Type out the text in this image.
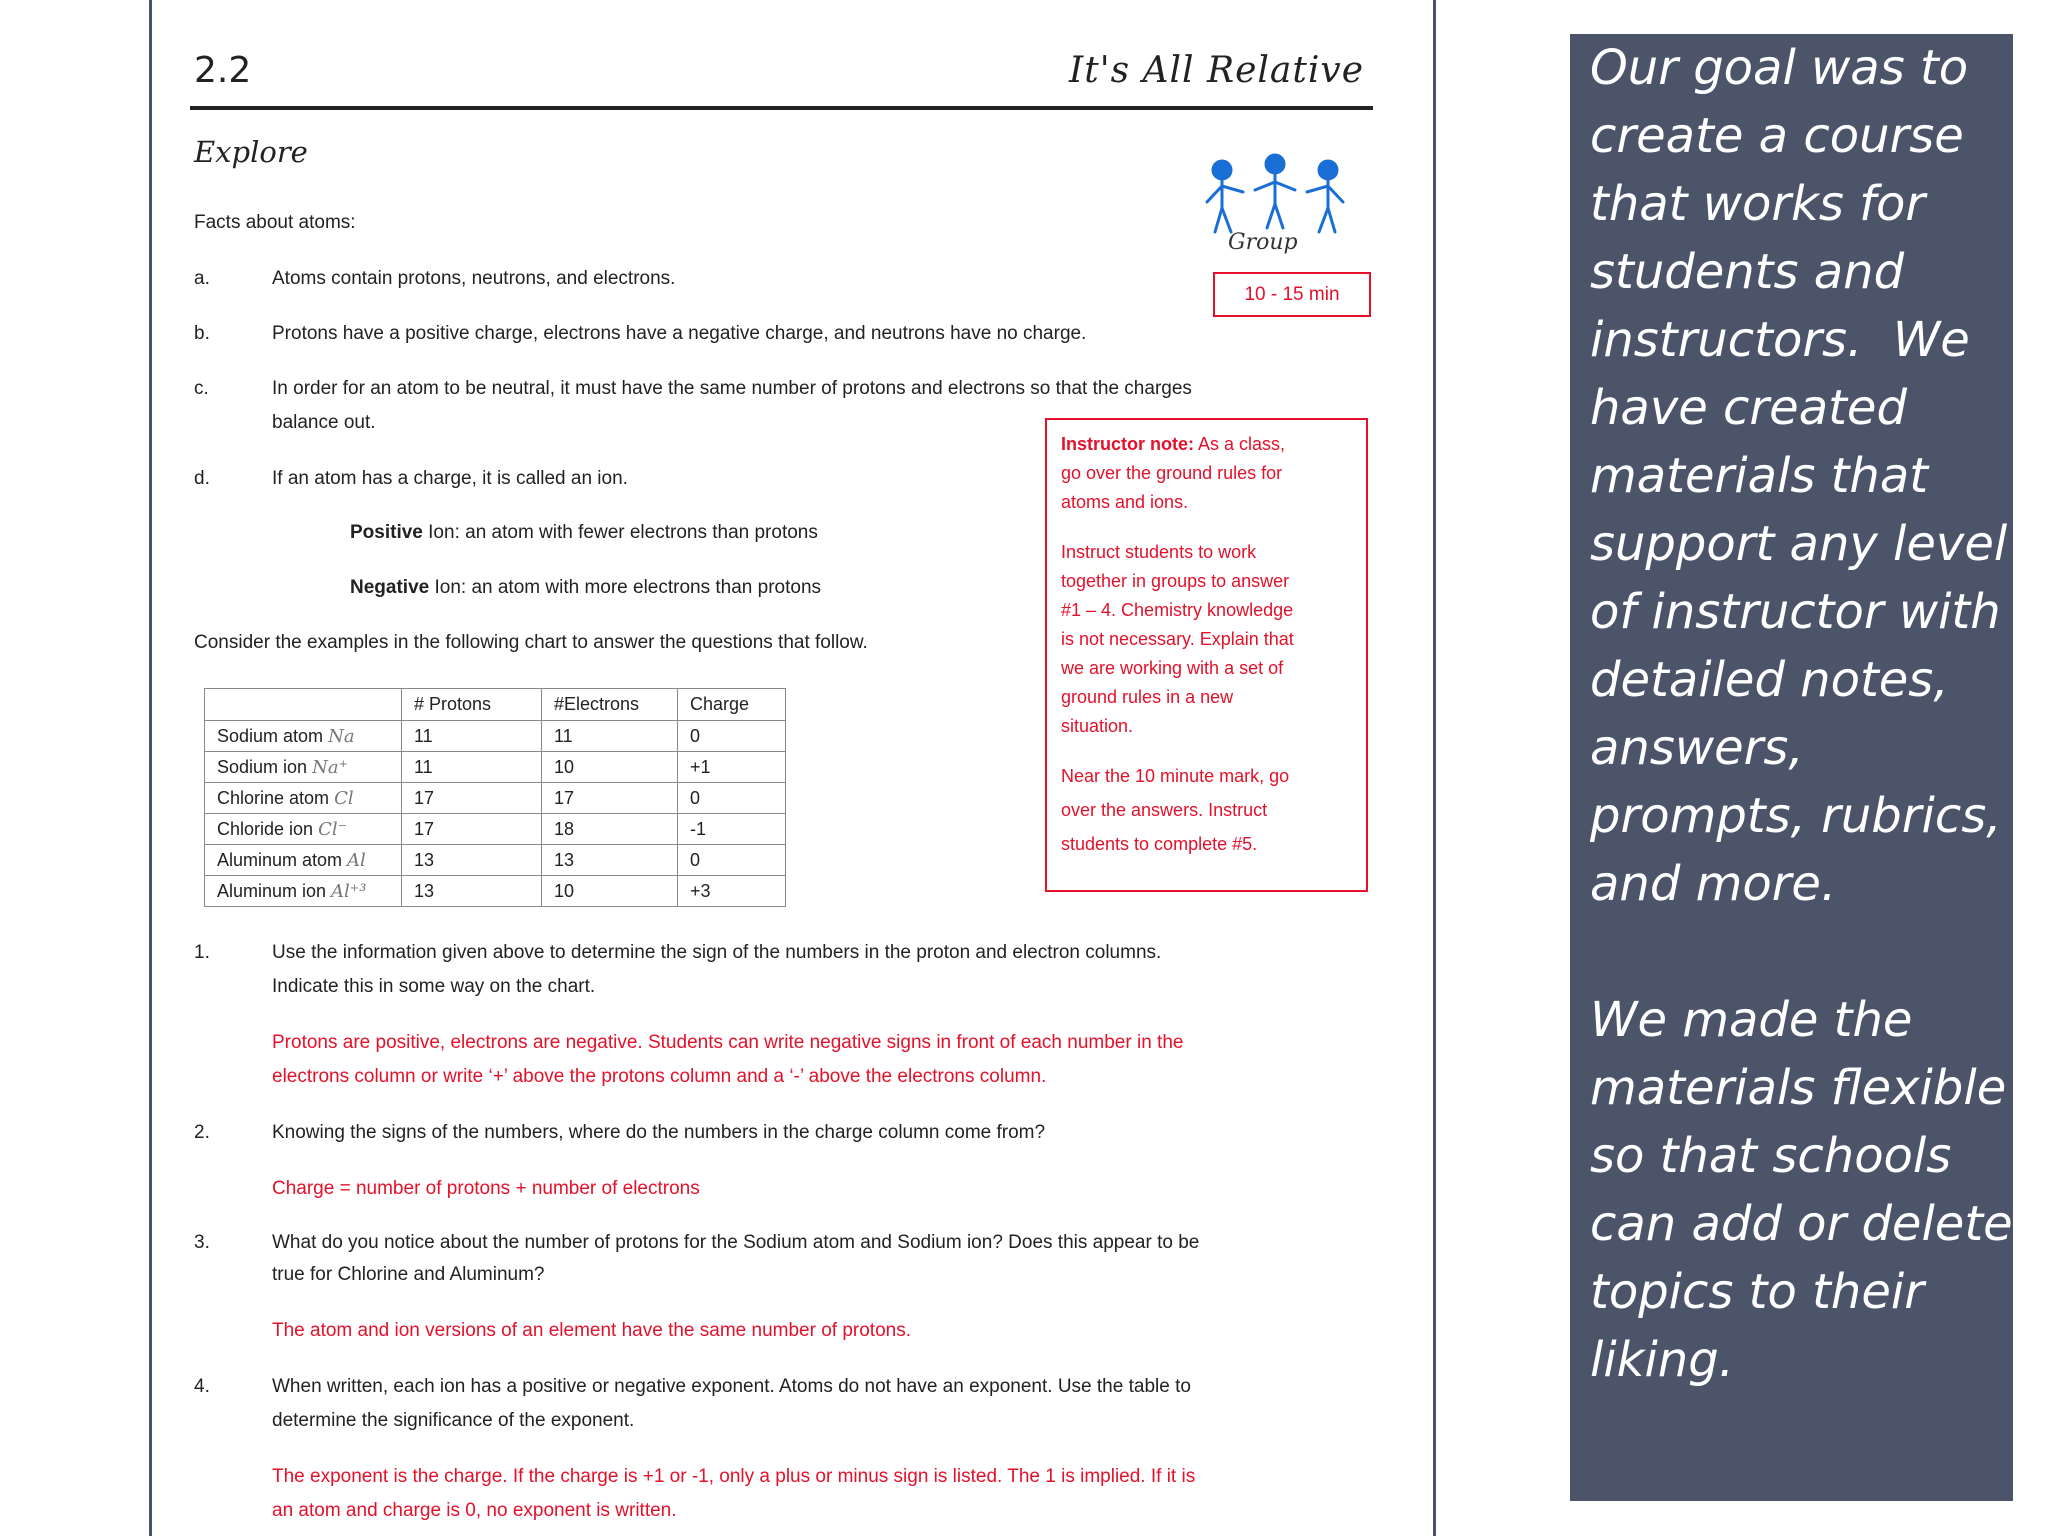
2.2	It's All Relative
Explore
Group
10 - 15 min
Facts about atoms:
a.	Atoms contain protons, neutrons, and electrons.
b.	Protons have a positive charge, electrons have a negative charge, and neutrons have no charge.
c.	In order for an atom to be neutral, it must have the same number of protons and electrons so that the charges
balance out.
d.	If an atom has a charge, it is called an ion.
Positive Ion: an atom with fewer electrons than protons
Negative Ion: an atom with more electrons than protons
Consider the examples in the following chart to answer the questions that follow.
Instructor note: As a class,
go over the ground rules for
atoms and ions.
Instruct students to work
together in groups to answer
#1 – 4. Chemistry knowledge
is not necessary. Explain that
we are working with a set of
ground rules in a new
situation.
Near the 10 minute mark, go
over the answers. Instruct
students to complete #5.
	# Protons	#Electrons	Charge
Sodium atom Na	11	11	0
Sodium ion Na⁺	11	10	+1
Chlorine atom Cl	17	17	0
Chloride ion Cl⁻	17	18	-1
Aluminum atom Al	13	13	0
Aluminum ion Al⁺³	13	10	+3
1.	Use the information given above to determine the sign of the numbers in the proton and electron columns.
Indicate this in some way on the chart.
Protons are positive, electrons are negative. Students can write negative signs in front of each number in the
electrons column or write ‘+’ above the protons column and a ‘-’ above the electrons column.
2.	Knowing the signs of the numbers, where do the numbers in the charge column come from?
Charge = number of protons + number of electrons
3.	What do you notice about the number of protons for the Sodium atom and Sodium ion? Does this appear to be
true for Chlorine and Aluminum?
The atom and ion versions of an element have the same number of protons.
4.	When written, each ion has a positive or negative exponent. Atoms do not have an exponent. Use the table to
determine the significance of the exponent.
The exponent is the charge. If the charge is +1 or -1, only a plus or minus sign is listed. The 1 is implied. If it is
an atom and charge is 0, no exponent is written.
Our goal was to
create a course
that works for
students and
instructors.  We
have created
materials that
support any level
of instructor with
detailed notes,
answers,
prompts, rubrics,
and more.
We made the
materials flexible
so that schools
can add or delete
topics to their
liking.
